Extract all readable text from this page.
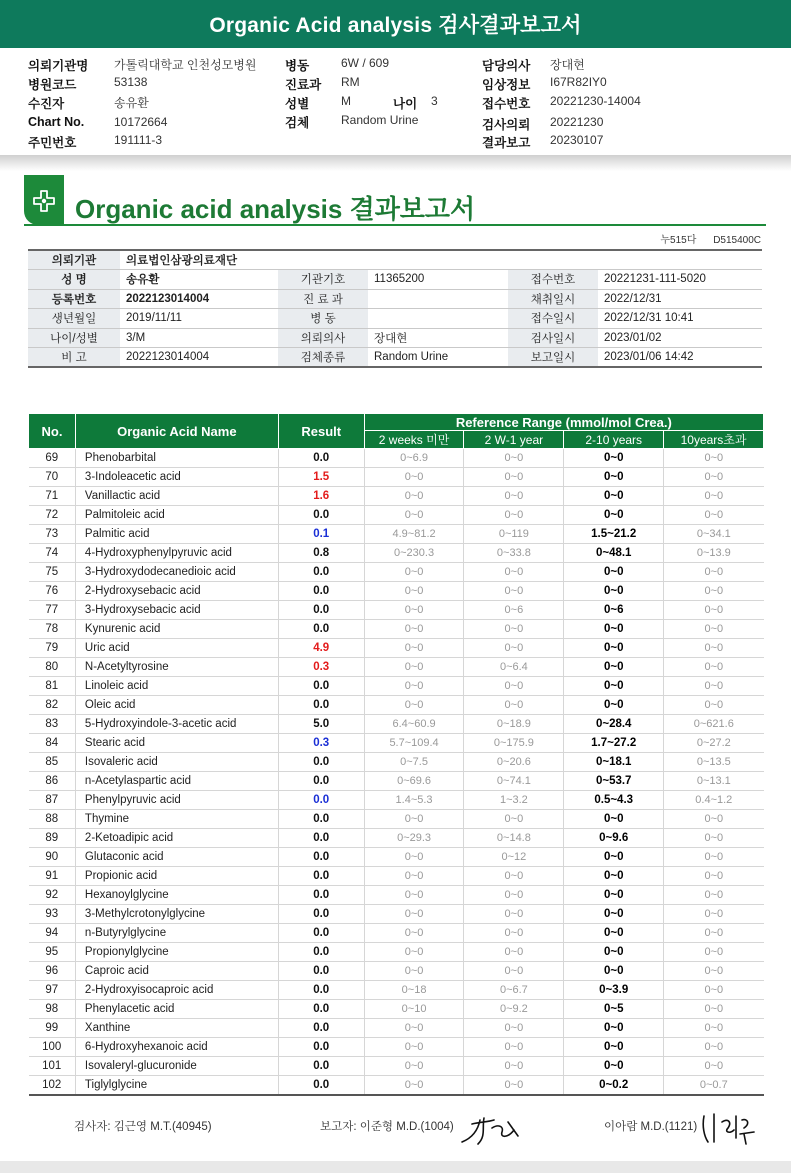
Organic Acid analysis 검사결과보고서
의뢰기관명 가톨릭대학교 인천성모병원
병원코드	53138
수진자	송유환
Chart No. 10172664
주민번호	191111-3
병동	6W / 609
진료과 RM
성별	M	나이 3
검체	Random Urine
담당의사 장대현
임상정보 I67R82IY0
접수번호 20221230-14004
검사의뢰 20221230
결과보고 20230107
Organic acid analysis 결과보고서
누515다 D515400C
의뢰기관	의료법인삼광의료재단				
성 명	송유환	기관기호	11365200	접수번호	20221231-111-5020
등록번호	2022123014004	진 료 과		채취일시	2022/12/31
생년월일	2019/11/11	병 동		접수일시	2022/12/31 10:41
나이/성별	3/M	의뢰의사	장대현	검사일시	2023/01/02
비 고	2022123014004	검체종류	Random Urine	보고일시	2023/01/06 14:42
No.	Organic Acid Name	Result	Reference Range (mmol/mol Crea.)			
			2 weeks 미만	2 W-1 year	2-10 years	10years초과
69	Phenobarbital	0.0	0~6.9	0~0	0~0	0~0
70	3-Indoleacetic acid	1.5	0~0	0~0	0~0	0~0
71	Vanillactic acid	1.6	0~0	0~0	0~0	0~0
72	Palmitoleic acid	0.0	0~0	0~0	0~0	0~0
73	Palmitic acid	0.1	4.9~81.2	0~119	1.5~21.2	0~34.1
74	4-Hydroxyphenylpyruvic acid	0.8	0~230.3	0~33.8	0~48.1	0~13.9
75	3-Hydroxydodecanedioic acid	0.0	0~0	0~0	0~0	0~0
76	2-Hydroxysebacic acid	0.0	0~0	0~0	0~0	0~0
77	3-Hydroxysebacic acid	0.0	0~0	0~6	0~6	0~0
78	Kynurenic acid	0.0	0~0	0~0	0~0	0~0
79	Uric acid	4.9	0~0	0~0	0~0	0~0
80	N-Acetyltyrosine	0.3	0~0	0~6.4	0~0	0~0
81	Linoleic acid	0.0	0~0	0~0	0~0	0~0
82	Oleic acid	0.0	0~0	0~0	0~0	0~0
83	5-Hydroxyindole-3-acetic acid	5.0	6.4~60.9	0~18.9	0~28.4	0~621.6
84	Stearic acid	0.3	5.7~109.4	0~175.9	1.7~27.2	0~27.2
85	Isovaleric acid	0.0	0~7.5	0~20.6	0~18.1	0~13.5
86	n-Acetylaspartic acid	0.0	0~69.6	0~74.1	0~53.7	0~13.1
87	Phenylpyruvic acid	0.0	1.4~5.3	1~3.2	0.5~4.3	0.4~1.2
88	Thymine	0.0	0~0	0~0	0~0	0~0
89	2-Ketoadipic acid	0.0	0~29.3	0~14.8	0~9.6	0~0
90	Glutaconic acid	0.0	0~0	0~12	0~0	0~0
91	Propionic acid	0.0	0~0	0~0	0~0	0~0
92	Hexanoylglycine	0.0	0~0	0~0	0~0	0~0
93	3-Methylcrotonylglycine	0.0	0~0	0~0	0~0	0~0
94	n-Butyrylglycine	0.0	0~0	0~0	0~0	0~0
95	Propionylglycine	0.0	0~0	0~0	0~0	0~0
96	Caproic acid	0.0	0~0	0~0	0~0	0~0
97	2-Hydroxyisocaproic acid	0.0	0~18	0~6.7	0~3.9	0~0
98	Phenylacetic acid	0.0	0~10	0~9.2	0~5	0~0
99	Xanthine	0.0	0~0	0~0	0~0	0~0
100	6-Hydroxyhexanoic acid	0.0	0~0	0~0	0~0	0~0
101	Isovaleryl-glucuronide	0.0	0~0	0~0	0~0	0~0
102	Tiglylglycine	0.0	0~0	0~0	0~0.2	0~0.7
검사자: 김근영 M.T.(40945)	보고자: 이준형 M.D.(1004)	이아람 M.D.(1121)
